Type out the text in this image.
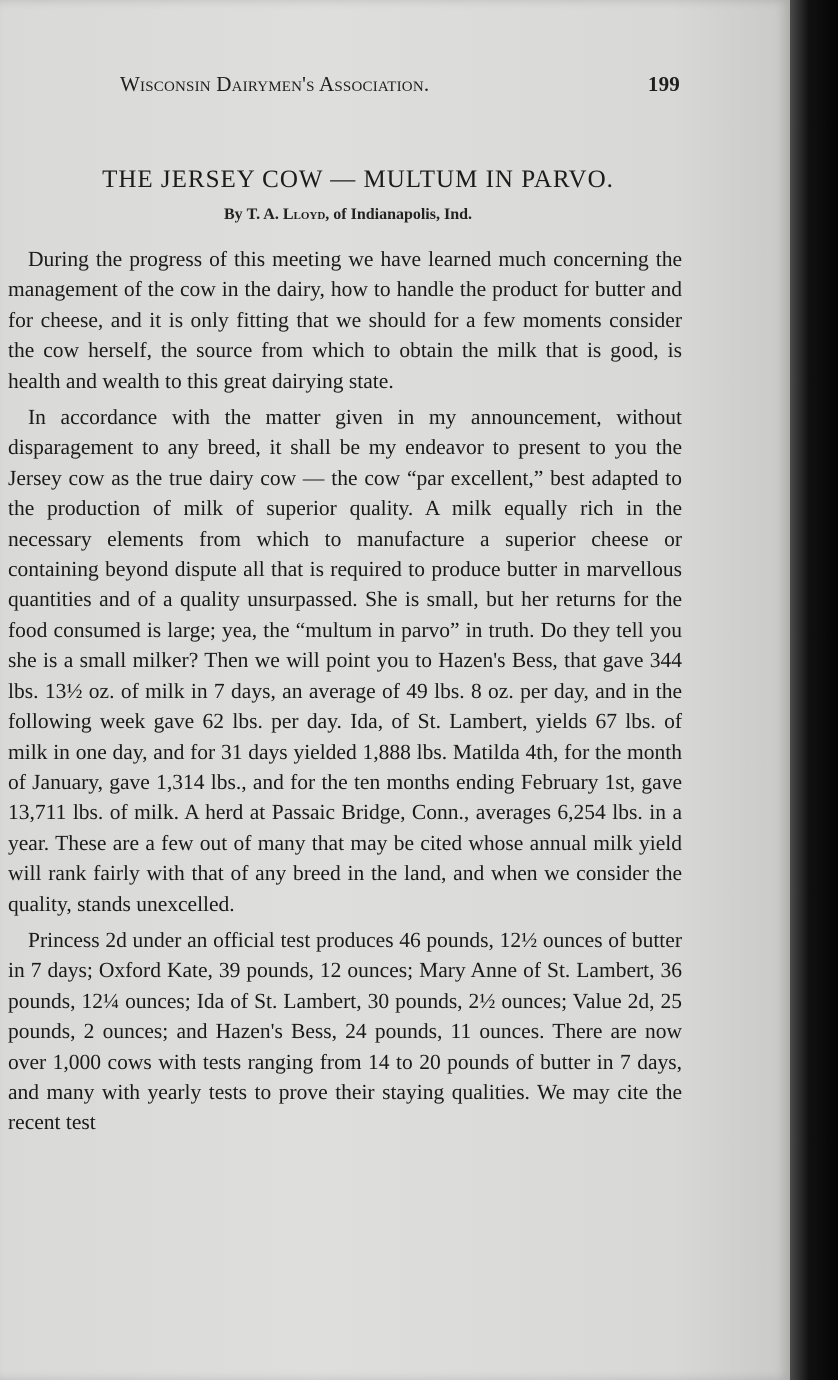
Wisconsin Dairymen's Association.	199
THE JERSEY COW — MULTUM IN PARVO.
By T. A. Lloyd, of Indianapolis, Ind.

During the progress of this meeting we have learned much concerning the management of the cow in the dairy, how to handle the product for butter and for cheese, and it is only fitting that we should for a few moments consider the cow herself, the source from which to obtain the milk that is good, is health and wealth to this great dairying state.

In accordance with the matter given in my announcement, without disparagement to any breed, it shall be my endeavor to present to you the Jersey cow as the true dairy cow — the cow “par excellent,” best adapted to the production of milk of superior quality. A milk equally rich in the necessary elements from which to manufacture a superior cheese or containing beyond dispute all that is required to produce butter in marvellous quantities and of a quality unsurpassed. She is small, but her returns for the food consumed is large; yea, the “multum in parvo” in truth. Do they tell you she is a small milker? Then we will point you to Hazen's Bess, that gave 344 lbs. 13½ oz. of milk in 7 days, an average of 49 lbs. 8 oz. per day, and in the following week gave 62 lbs. per day. Ida, of St. Lambert, yields 67 lbs. of milk in one day, and for 31 days yielded 1,888 lbs. Matilda 4th, for the month of January, gave 1,314 lbs., and for the ten months ending February 1st, gave 13,711 lbs. of milk. A herd at Passaic Bridge, Conn., averages 6,254 lbs. in a year. These are a few out of many that may be cited whose annual milk yield will rank fairly with that of any breed in the land, and when we consider the quality, stands unexcelled.

Princess 2d under an official test produces 46 pounds, 12½ ounces of butter in 7 days; Oxford Kate, 39 pounds, 12 ounces; Mary Anne of St. Lambert, 36 pounds, 12¼ ounces; Ida of St. Lambert, 30 pounds, 2½ ounces; Value 2d, 25 pounds, 2 ounces; and Hazen's Bess, 24 pounds, 11 ounces. There are now over 1,000 cows with tests ranging from 14 to 20 pounds of butter in 7 days, and many with yearly tests to prove their staying qualities. We may cite the recent test
